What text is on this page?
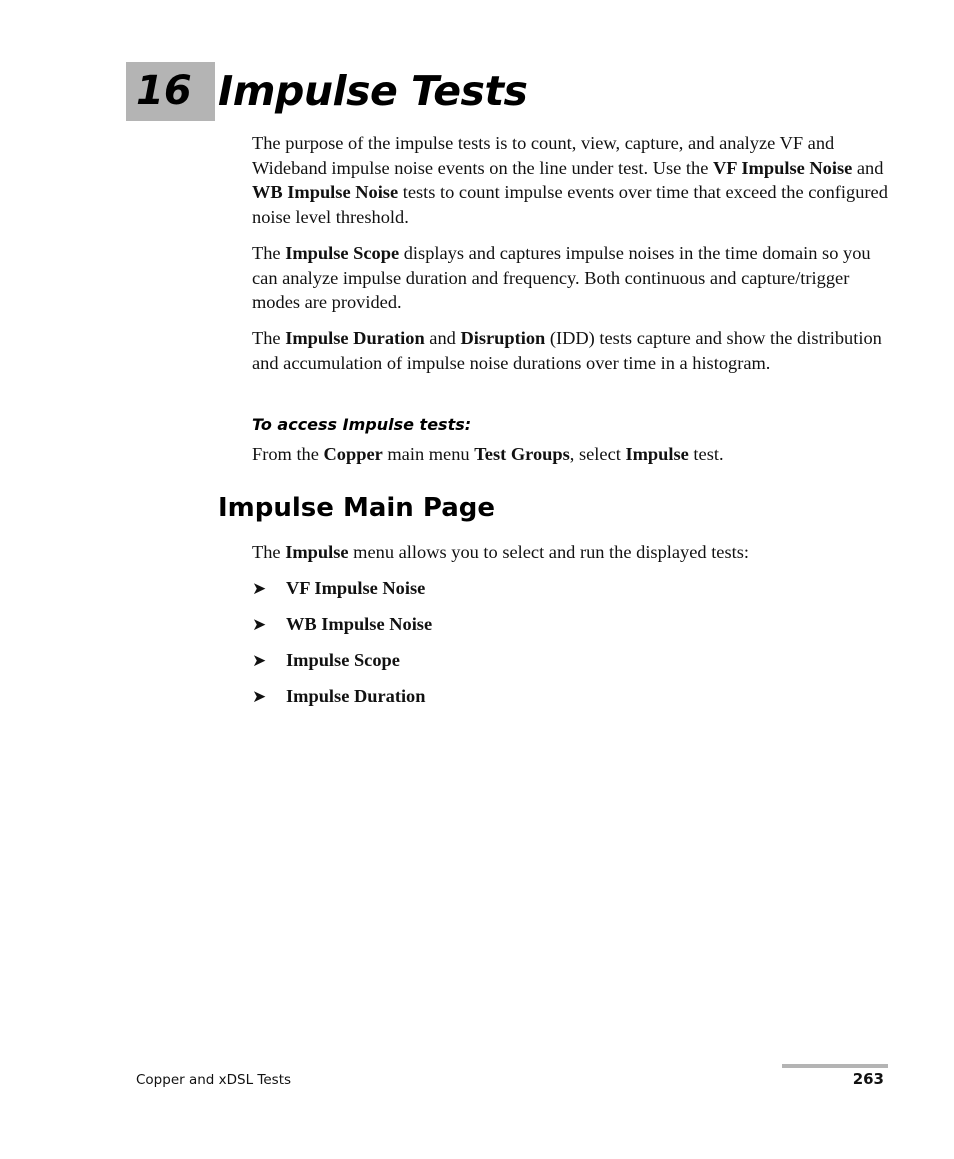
16 Impulse Tests

The purpose of the impulse tests is to count, view, capture, and analyze VF and Wideband impulse noise events on the line under test. Use the VF Impulse Noise and WB Impulse Noise tests to count impulse events over time that exceed the configured noise level threshold.

The Impulse Scope displays and captures impulse noises in the time domain so you can analyze impulse duration and frequency. Both continuous and capture/trigger modes are provided.

The Impulse Duration and Disruption (IDD) tests capture and show the distribution and accumulation of impulse noise durations over time in a histogram.

To access Impulse tests:

From the Copper main menu Test Groups, select Impulse test.

Impulse Main Page

The Impulse menu allows you to select and run the displayed tests:

➤ VF Impulse Noise
➤ WB Impulse Noise
➤ Impulse Scope
➤ Impulse Duration
Copper and xDSL Tests	263
